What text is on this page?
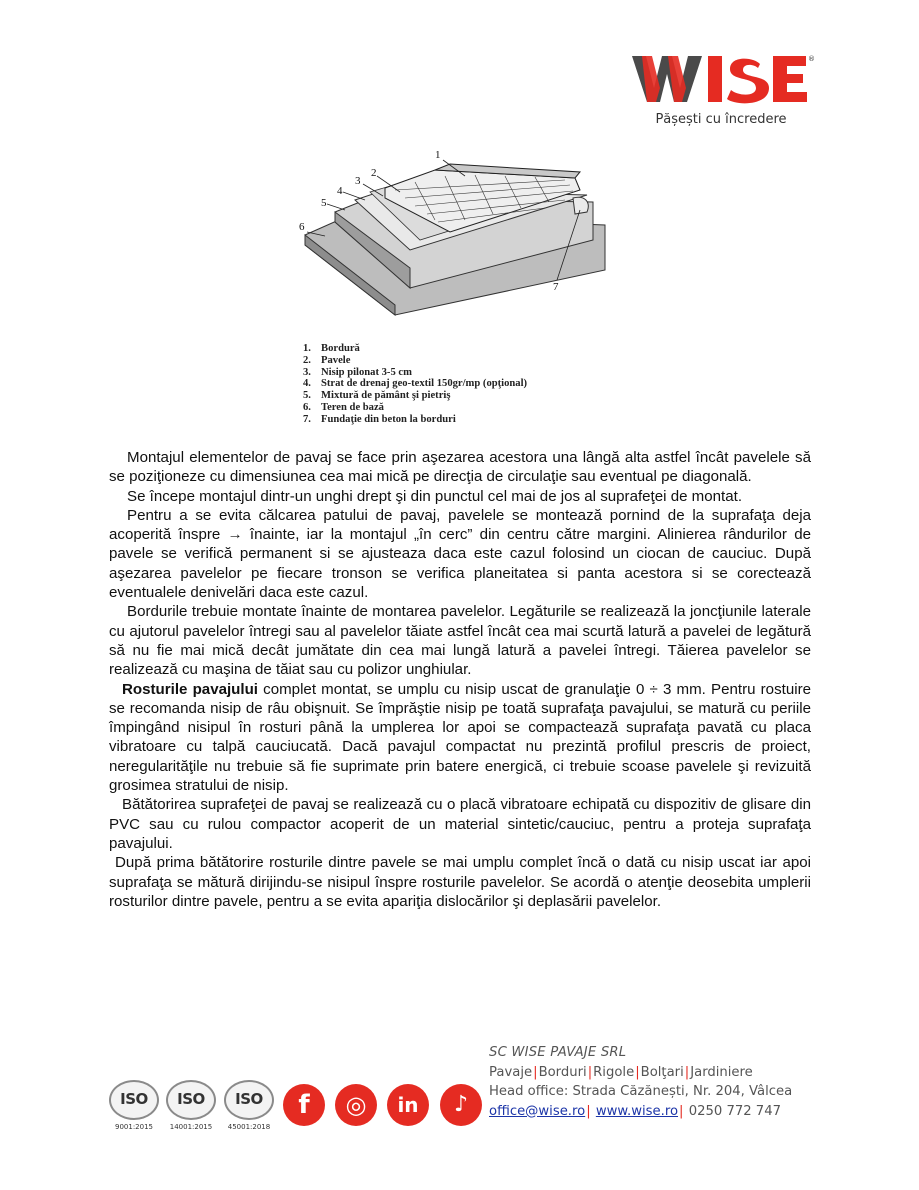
®
Pășești cu încredere
1
2
3
4
5
6
7
1. Bordură
2. Pavele
3. Nisip pilonat 3-5 cm
4. Strat de drenaj geo-textil 150gr/mp (opţional)
5. Mixtură de pământ şi pietriş
6. Teren de bază
7. Fundaţie din beton la borduri

Montajul elementelor de pavaj se face prin aşezarea acestora una lângă alta astfel încât pavelele să se poziţioneze cu dimensiunea cea mai mică pe direcţia de circulaţie sau eventual pe diagonală.

Se începe montajul dintr-un unghi drept şi din punctul cel mai de jos al suprafeţei de montat.

Pentru a se evita călcarea patului de pavaj, pavelele se montează pornind de la suprafaţa deja acoperită înspre → înainte, iar la montajul „în cerc” din centru către margini. Alinierea rândurilor de pavele se verifică permanent si se ajusteaza daca este cazul folosind un ciocan de cauciuc. După aşezarea pavelelor pe fiecare tronson se verifica planeitatea si panta acestora si se corectează eventualele denivelări daca este cazul.

Bordurile trebuie montate înainte de montarea pavelelor. Legăturile se realizează la joncţiunile laterale cu ajutorul pavelelor întregi sau al pavelelor tăiate astfel încât cea mai scurtă latură a pavelei de legătură să nu fie mai mică decât jumătate din cea mai lungă latură a pavelei întregi. Tăierea pavelelor se realizează cu maşina de tăiat sau cu polizor unghiular.

Rosturile pavajului complet montat, se umplu cu nisip uscat de granulaţie 0 ÷ 3 mm. Pentru rostuire se recomanda nisip de râu obişnuit. Se împrăştie nisip pe toată suprafaţa pavajului, se matură cu periile împingând nisipul în rosturi până la umplerea lor apoi se compactează suprafaţa pavată cu placa vibratoare cu talpă cauciucată. Dacă pavajul compactat nu prezintă profilul prescris de proiect, neregularităţile nu trebuie să fie suprimate prin batere energică, ci trebuie scoase pavelele şi revizuită grosimea stratului de nisip.

Bătătorirea suprafeţei de pavaj se realizează cu o placă vibratoare echipată cu dispozitiv de glisare din PVC sau cu rulou compactor acoperit de un material sintetic/cauciuc, pentru a proteja suprafaţa pavajului.

După prima bătătorire rosturile dintre pavele se mai umplu complet încă o dată cu nisip uscat iar apoi suprafaţa se mătură dirijindu-se nisipul înspre rosturile pavelelor. Se acordă o atenţie deosebita umplerii rosturilor dintre pavele, pentru a se evita apariţia dislocărilor şi deplasării pavelelor.

ISO
9001:2015
ISO
14001:2015
ISO
45001:2018
f	◎	in	♪
SC WISE PAVAJE SRL
Pavaje|Borduri|Rigole|Bolţari|Jardiniere
Head office: Strada Căzănești, Nr. 204, Vâlcea
office@wise.ro| www.wise.ro| 0250 772 747
